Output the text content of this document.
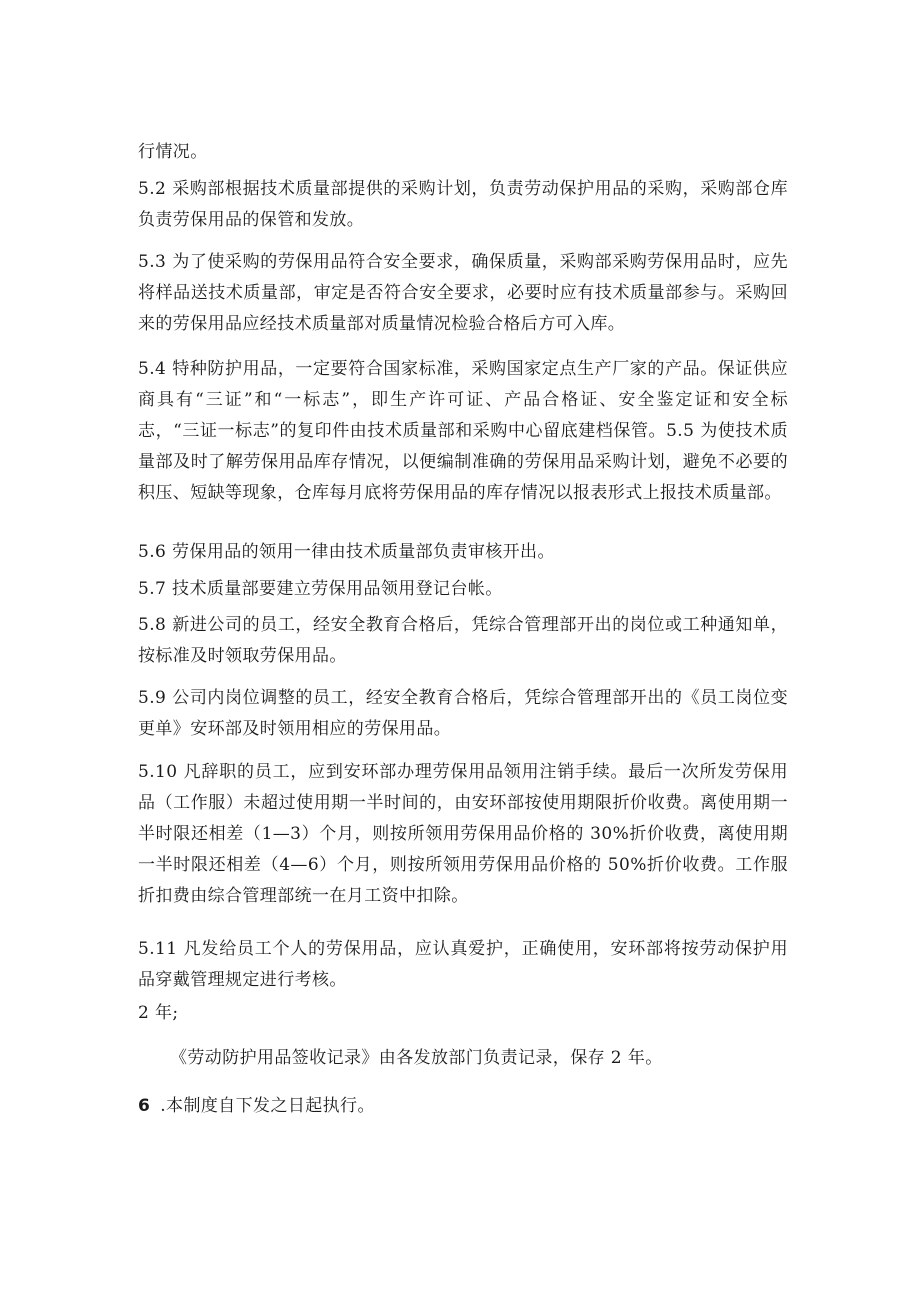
行情况。

5.2 采购部根据技术质量部提供的采购计划，负责劳动保护用品的采购，采购部仓库负责劳保用品的保管和发放。

5.3 为了使采购的劳保用品符合安全要求，确保质量，采购部采购劳保用品时，应先将样品送技术质量部，审定是否符合安全要求，必要时应有技术质量部参与。采购回来的劳保用品应经技术质量部对质量情况检验合格后方可入库。

5.4 特种防护用品，一定要符合国家标准，采购国家定点生产厂家的产品。保证供应商具有“三证”和“一标志”，即生产许可证、产品合格证、安全鉴定证和安全标志，“三证一标志”的复印件由技术质量部和采购中心留底建档保管。5.5 为使技术质量部及时了解劳保用品库存情况，以便编制准确的劳保用品采购计划，避免不必要的积压、短缺等现象，仓库每月底将劳保用品的库存情况以报表形式上报技术质量部。

5.6 劳保用品的领用一律由技术质量部负责审核开出。

5.7 技术质量部要建立劳保用品领用登记台帐。

5.8 新进公司的员工，经安全教育合格后，凭综合管理部开出的岗位或工种通知单，按标准及时领取劳保用品。

5.9 公司内岗位调整的员工，经安全教育合格后，凭综合管理部开出的《员工岗位变更单》安环部及时领用相应的劳保用品。

5.10 凡辞职的员工，应到安环部办理劳保用品领用注销手续。最后一次所发劳保用品（工作服）未超过使用期一半时间的，由安环部按使用期限折价收费。离使用期一半时限还相差（1—3）个月，则按所领用劳保用品价格的 30%折价收费，离使用期一半时限还相差（4—6）个月，则按所领用劳保用品价格的 50%折价收费。工作服折扣费由综合管理部统一在月工资中扣除。

5.11 凡发给员工个人的劳保用品，应认真爱护，正确使用，安环部将按劳动保护用品穿戴管理规定进行考核。

2 年;

《劳动防护用品签收记录》由各发放部门负责记录，保存 2 年。

6 .本制度自下发之日起执行。
